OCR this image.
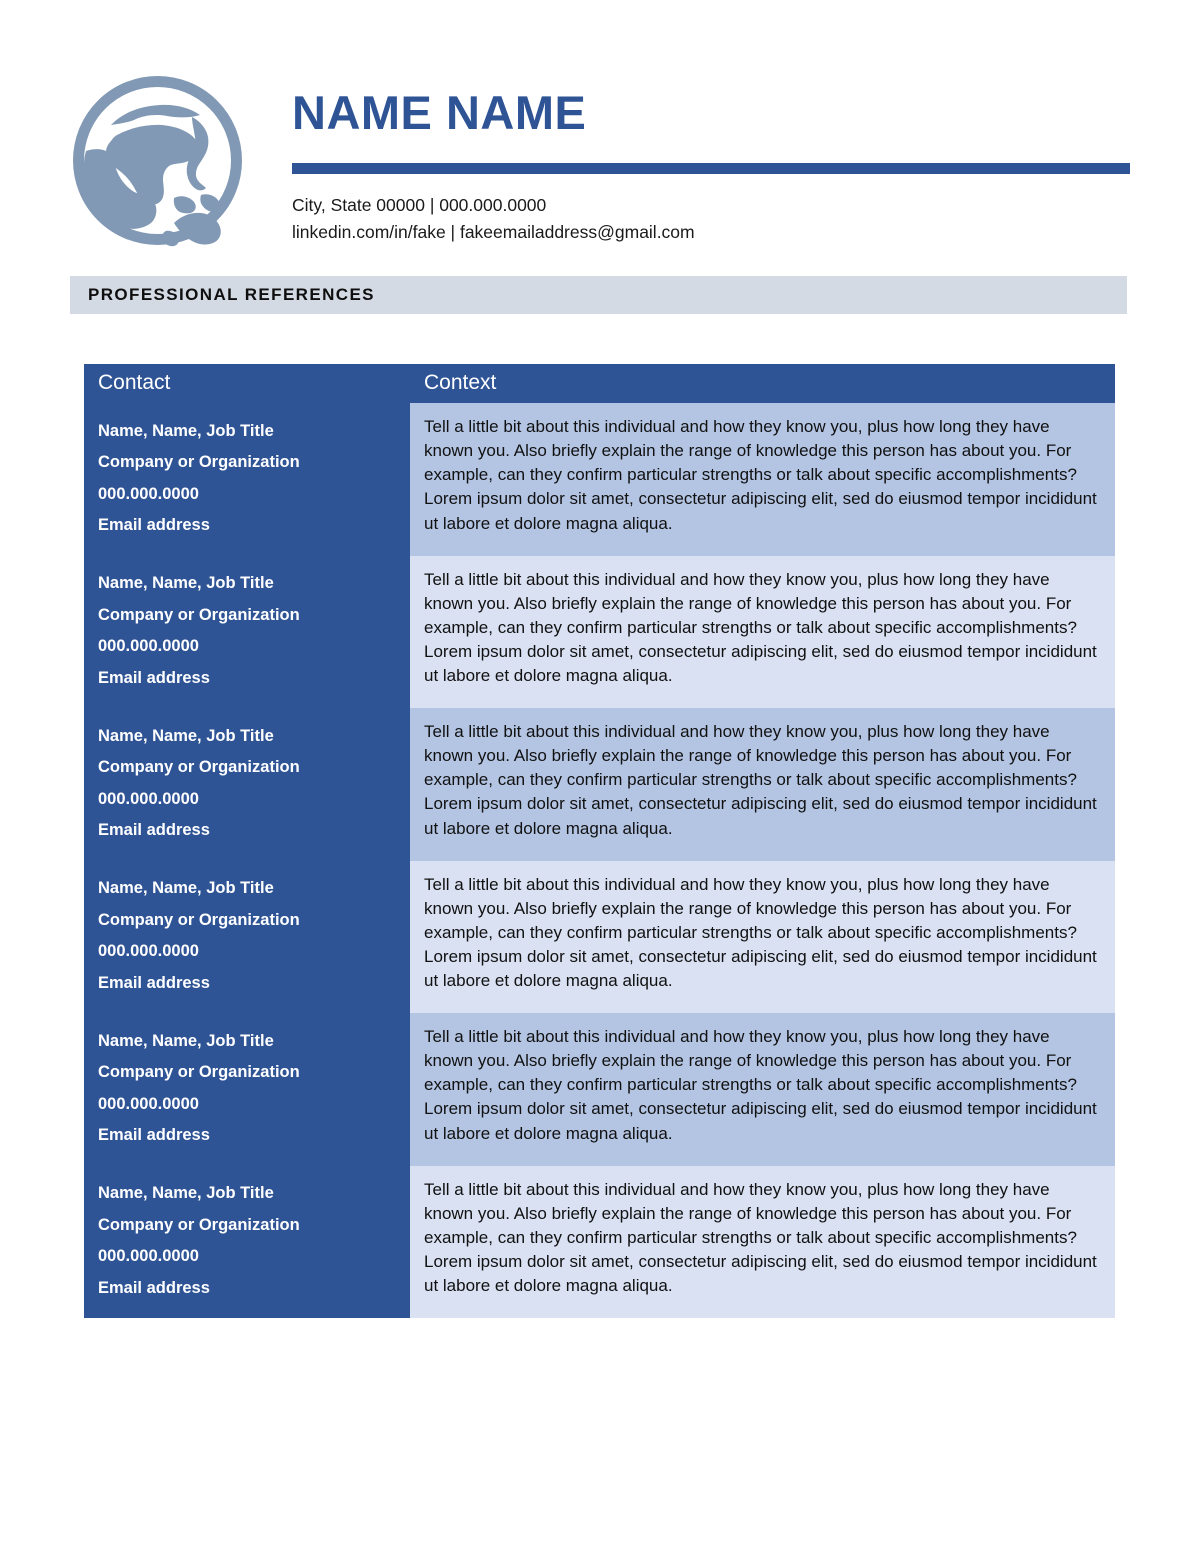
NAME NAME
City, State 00000 | 000.000.0000
linkedin.com/in/fake | fakeemailaddress@gmail.com
PROFESSIONAL REFERENCES
Contact	Context

Name, Name, Job Title
Company or Organization
000.000.0000
Email address
	Tell a little bit about this individual and how they know you, plus how long they have known you. Also briefly explain the range of knowledge this person has about you. For example, can they confirm particular strengths or talk about specific accomplishments? Lorem ipsum dolor sit amet, consectetur adipiscing elit, sed do eiusmod tempor incididunt ut labore et dolore magna aliqua.

Name, Name, Job Title
Company or Organization
000.000.0000
Email address
	Tell a little bit about this individual and how they know you, plus how long they have known you. Also briefly explain the range of knowledge this person has about you. For example, can they confirm particular strengths or talk about specific accomplishments? Lorem ipsum dolor sit amet, consectetur adipiscing elit, sed do eiusmod tempor incididunt ut labore et dolore magna aliqua.

Name, Name, Job Title
Company or Organization
000.000.0000
Email address
	Tell a little bit about this individual and how they know you, plus how long they have known you. Also briefly explain the range of knowledge this person has about you. For example, can they confirm particular strengths or talk about specific accomplishments? Lorem ipsum dolor sit amet, consectetur adipiscing elit, sed do eiusmod tempor incididunt ut labore et dolore magna aliqua.

Name, Name, Job Title
Company or Organization
000.000.0000
Email address
	Tell a little bit about this individual and how they know you, plus how long they have known you. Also briefly explain the range of knowledge this person has about you. For example, can they confirm particular strengths or talk about specific accomplishments? Lorem ipsum dolor sit amet, consectetur adipiscing elit, sed do eiusmod tempor incididunt ut labore et dolore magna aliqua.

Name, Name, Job Title
Company or Organization
000.000.0000
Email address
	Tell a little bit about this individual and how they know you, plus how long they have known you. Also briefly explain the range of knowledge this person has about you. For example, can they confirm particular strengths or talk about specific accomplishments? Lorem ipsum dolor sit amet, consectetur adipiscing elit, sed do eiusmod tempor incididunt ut labore et dolore magna aliqua.

Name, Name, Job Title
Company or Organization
000.000.0000
Email address
	Tell a little bit about this individual and how they know you, plus how long they have known you. Also briefly explain the range of knowledge this person has about you. For example, can they confirm particular strengths or talk about specific accomplishments? Lorem ipsum dolor sit amet, consectetur adipiscing elit, sed do eiusmod tempor incididunt ut labore et dolore magna aliqua.
